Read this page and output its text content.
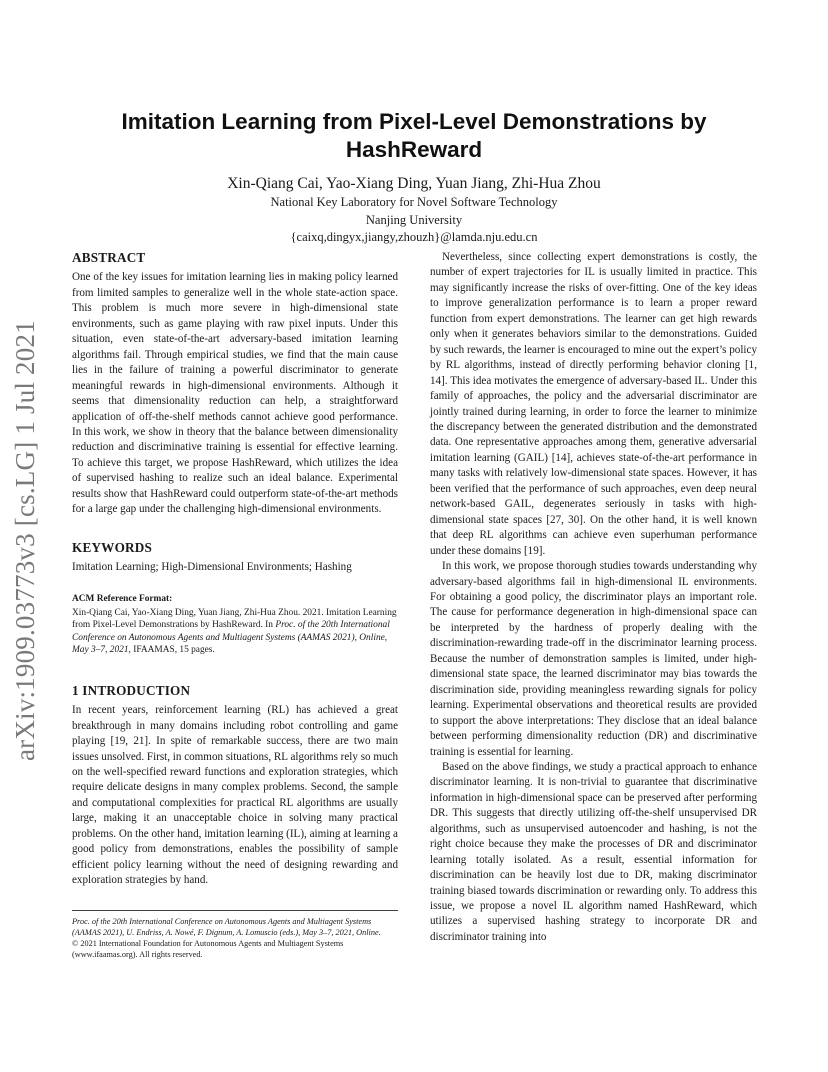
arXiv:1909.03773v3 [cs.LG] 1 Jul 2021
Imitation Learning from Pixel-Level Demonstrations by HashReward
Xin-Qiang Cai, Yao-Xiang Ding, Yuan Jiang, Zhi-Hua Zhou
National Key Laboratory for Novel Software Technology
Nanjing University
{caixq,dingyx,jiangy,zhouzh}@lamda.nju.edu.cn
ABSTRACT

One of the key issues for imitation learning lies in making policy learned from limited samples to generalize well in the whole state-action space. This problem is much more severe in high-dimensional state environments, such as game playing with raw pixel inputs. Under this situation, even state-of-the-art adversary-based imitation learning algorithms fail. Through empirical studies, we find that the main cause lies in the failure of training a powerful discriminator to generate meaningful rewards in high-dimensional environments. Although it seems that dimensionality reduction can help, a straightforward application of off-the-shelf methods cannot achieve good performance. In this work, we show in theory that the balance between dimensionality reduction and discriminative training is essential for effective learning. To achieve this target, we propose HashReward, which utilizes the idea of supervised hashing to realize such an ideal balance. Experimental results show that HashReward could outperform state-of-the-art methods for a large gap under the challenging high-dimensional environments.

KEYWORDS

Imitation Learning; High-Dimensional Environments; Hashing

ACM Reference Format:

Xin-Qiang Cai, Yao-Xiang Ding, Yuan Jiang, Zhi-Hua Zhou. 2021. Imitation Learning from Pixel-Level Demonstrations by HashReward. In Proc. of the 20th International Conference on Autonomous Agents and Multiagent Systems (AAMAS 2021), Online, May 3–7, 2021, IFAAMAS, 15 pages.

1 INTRODUCTION

In recent years, reinforcement learning (RL) has achieved a great breakthrough in many domains including robot controlling and game playing [19, 21]. In spite of remarkable success, there are two main issues unsolved. First, in common situations, RL algorithms rely so much on the well-specified reward functions and exploration strategies, which require delicate designs in many complex problems. Second, the sample and computational complexities for practical RL algorithms are usually large, making it an unacceptable choice in solving many practical problems. On the other hand, imitation learning (IL), aiming at learning a good policy from demonstrations, enables the possibility of sample efficient policy learning without the need of designing rewarding and exploration strategies by hand.

Proc. of the 20th International Conference on Autonomous Agents and Multiagent Systems (AAMAS 2021), U. Endriss, A. Nowé, F. Dignum, A. Lomuscio (eds.), May 3–7, 2021, Online.
© 2021 International Foundation for Autonomous Agents and Multiagent Systems (www.ifaamas.org). All rights reserved.

Nevertheless, since collecting expert demonstrations is costly, the number of expert trajectories for IL is usually limited in practice. This may significantly increase the risks of over-fitting. One of the key ideas to improve generalization performance is to learn a proper reward function from expert demonstrations. The learner can get high rewards only when it generates behaviors similar to the demonstrations. Guided by such rewards, the learner is encouraged to mine out the expert’s policy by RL algorithms, instead of directly performing behavior cloning [1, 14]. This idea motivates the emergence of adversary-based IL. Under this family of approaches, the policy and the adversarial discriminator are jointly trained during learning, in order to force the learner to minimize the discrepancy between the generated distribution and the demonstrated data. One representative approaches among them, generative adversarial imitation learning (GAIL) [14], achieves state-of-the-art performance in many tasks with relatively low-dimensional state spaces. However, it has been verified that the performance of such approaches, even deep neural network-based GAIL, degenerates seriously in tasks with high-dimensional state spaces [27, 30]. On the other hand, it is well known that deep RL algorithms can achieve even superhuman performance under these domains [19].

In this work, we propose thorough studies towards understanding why adversary-based algorithms fail in high-dimensional IL environments. For obtaining a good policy, the discriminator plays an important role. The cause for performance degeneration in high-dimensional space can be interpreted by the hardness of properly dealing with the discrimination-rewarding trade-off in the discriminator learning process. Because the number of demonstration samples is limited, under high-dimensional state space, the learned discriminator may bias towards the discrimination side, providing meaningless rewarding signals for policy learning. Experimental observations and theoretical results are provided to support the above interpretations: They disclose that an ideal balance between performing dimensionality reduction (DR) and discriminative training is essential for learning.

Based on the above findings, we study a practical approach to enhance discriminator learning. It is non-trivial to guarantee that discriminative information in high-dimensional space can be preserved after performing DR. This suggests that directly utilizing off-the-shelf unsupervised DR algorithms, such as unsupervised autoencoder and hashing, is not the right choice because they make the processes of DR and discriminator learning totally isolated. As a result, essential information for discrimination can be heavily lost due to DR, making discriminator training biased towards discrimination or rewarding only. To address this issue, we propose a novel IL algorithm named HashReward, which utilizes a supervised hashing strategy to incorporate DR and discriminator training into
